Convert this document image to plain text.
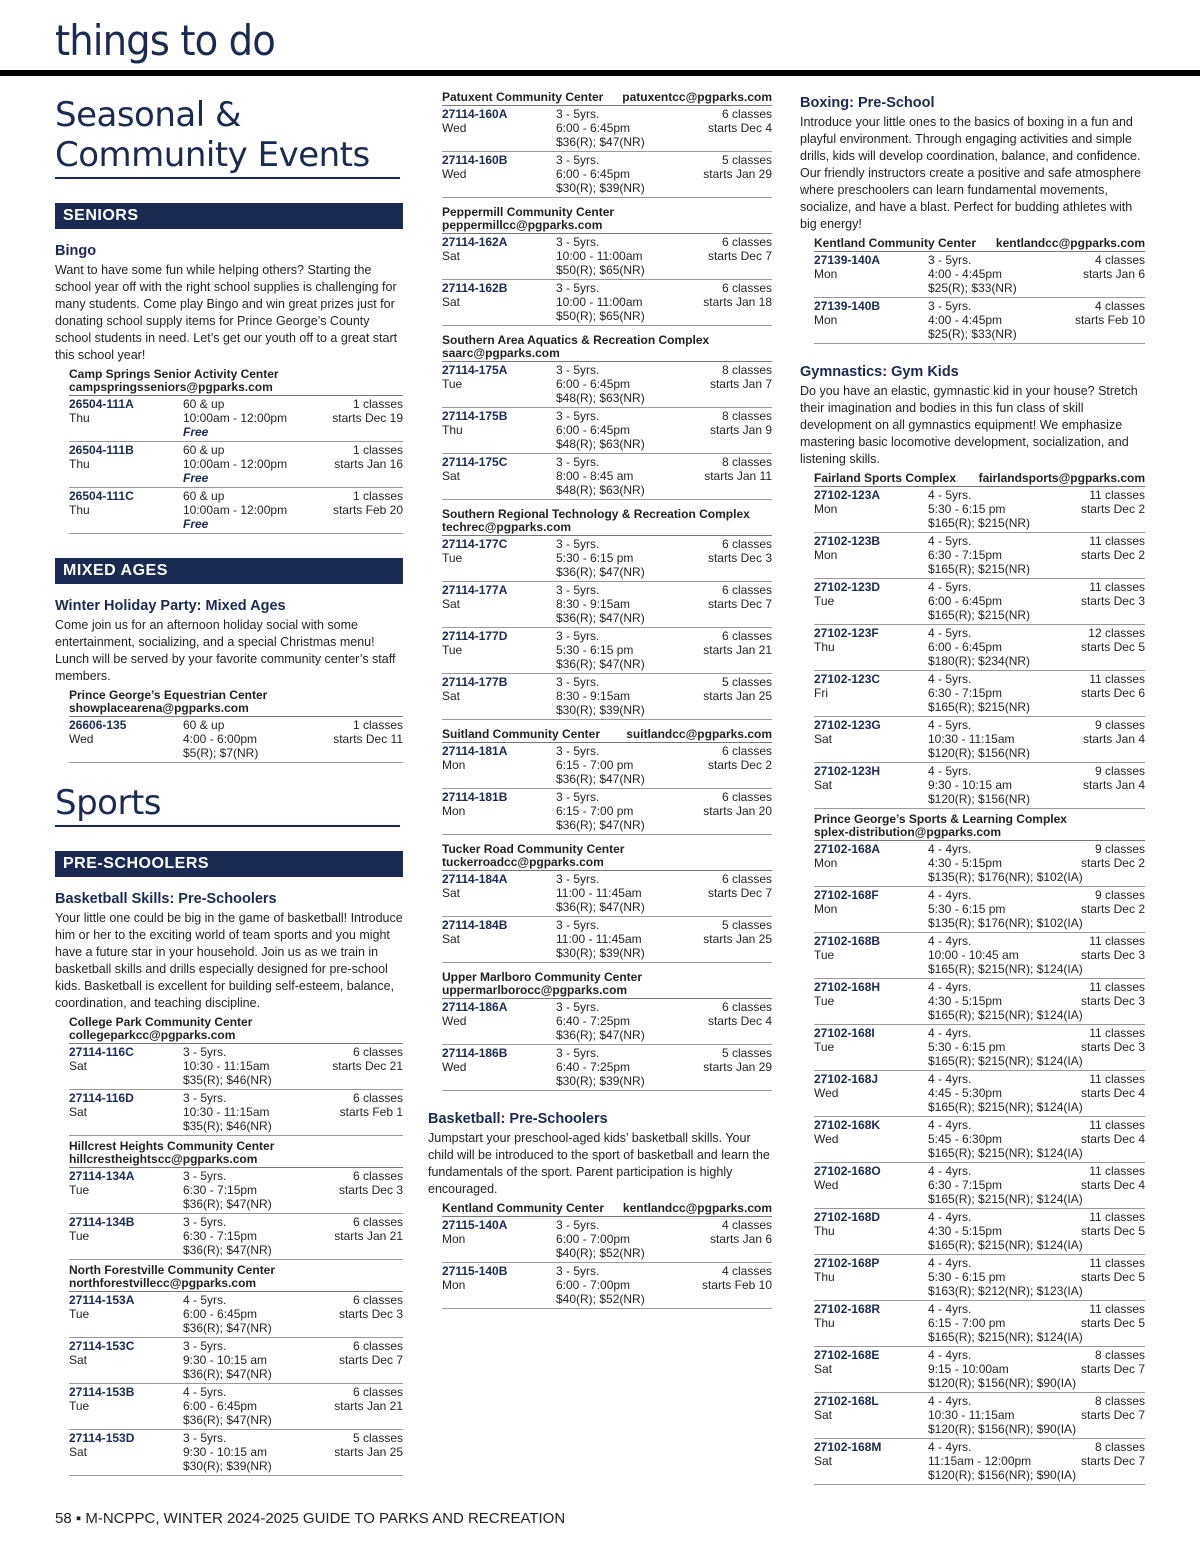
things to do
Seasonal &
Community Events
SENIORS
Bingo
Want to have some fun while helping others? Starting the school year off with the right school supplies is challenging for many students. Come play Bingo and win great prizes just for donating school supply items for Prince George’s County school students in need. Let’s get our youth off to a great start this school year!
Camp Springs Senior Activity Center
campspringsseniors@pgparks.com
26504-111A	60 & up	1 classes
Thu	10:00am - 12:00pm	starts Dec 19
Free
26504-111B	60 & up	1 classes
Thu	10:00am - 12:00pm	starts Jan 16
Free
26504-111C	60 & up	1 classes
Thu	10:00am - 12:00pm	starts Feb 20
Free
MIXED AGES
Winter Holiday Party: Mixed Ages
Come join us for an afternoon holiday social with some entertainment, socializing, and a special Christmas menu! Lunch will be served by your favorite community center’s staff members.
Prince George’s Equestrian Center
showplacearena@pgparks.com
26606-135	60 & up	1 classes
Wed	4:00 - 6:00pm	starts Dec 11
$5(R); $7(NR)
Sports
PRE-SCHOOLERS
Basketball Skills: Pre-Schoolers
Your little one could be big in the game of basketball! Introduce him or her to the exciting world of team sports and you might have a future star in your household. Join us as we train in basketball skills and drills especially designed for pre-school kids. Basketball is excellent for building self-esteem, balance, coordination, and teaching discipline.
College Park Community Center
collegeparkcc@pgparks.com
27114-116C	3 - 5yrs.	6 classes
Sat	10:30 - 11:15am	starts Dec 21
$35(R); $46(NR)
27114-116D	3 - 5yrs.	6 classes
Sat	10:30 - 11:15am	starts Feb 1
$35(R); $46(NR)
Hillcrest Heights Community Center
hillcrestheightscc@pgparks.com
27114-134A	3 - 5yrs.	6 classes
Tue	6:30 - 7:15pm	starts Dec 3
$36(R); $47(NR)
27114-134B	3 - 5yrs.	6 classes
Tue	6:30 - 7:15pm	starts Jan 21
$36(R); $47(NR)
North Forestville Community Center
northforestvillecc@pgparks.com
27114-153A	4 - 5yrs.	6 classes
Tue	6:00 - 6:45pm	starts Dec 3
$36(R); $47(NR)
27114-153C	3 - 5yrs.	6 classes
Sat	9:30 - 10:15 am	starts Dec 7
$36(R); $47(NR)
27114-153B	4 - 5yrs.	6 classes
Tue	6:00 - 6:45pm	starts Jan 21
$36(R); $47(NR)
27114-153D	3 - 5yrs.	5 classes
Sat	9:30 - 10:15 am	starts Jan 25
$30(R); $39(NR)
Patuxent Community Center patuxentcc@pgparks.com
27114-160A	3 - 5yrs.	6 classes
Wed	6:00 - 6:45pm	starts Dec 4
$36(R); $47(NR)
27114-160B	3 - 5yrs.	5 classes
Wed	6:00 - 6:45pm	starts Jan 29
$30(R); $39(NR)
Peppermill Community Center
peppermillcc@pgparks.com
27114-162A	3 - 5yrs.	6 classes
Sat	10:00 - 11:00am	starts Dec 7
$50(R); $65(NR)
27114-162B	3 - 5yrs.	6 classes
Sat	10:00 - 11:00am	starts Jan 18
$50(R); $65(NR)
Southern Area Aquatics & Recreation Complex
saarc@pgparks.com
27114-175A	3 - 5yrs.	8 classes
Tue	6:00 - 6:45pm	starts Jan 7
$48(R); $63(NR)
27114-175B	3 - 5yrs.	8 classes
Thu	6:00 - 6:45pm	starts Jan 9
$48(R); $63(NR)
27114-175C	3 - 5yrs.	8 classes
Sat	8:00 - 8:45 am	starts Jan 11
$48(R); $63(NR)
Southern Regional Technology & Recreation Complex
techrec@pgparks.com
27114-177C	3 - 5yrs.	6 classes
Tue	5:30 - 6:15 pm	starts Dec 3
$36(R); $47(NR)
27114-177A	3 - 5yrs.	6 classes
Sat	8:30 - 9:15am	starts Dec 7
$36(R); $47(NR)
27114-177D	3 - 5yrs.	6 classes
Tue	5:30 - 6:15 pm	starts Jan 21
$36(R); $47(NR)
27114-177B	3 - 5yrs.	5 classes
Sat	8:30 - 9:15am	starts Jan 25
$30(R); $39(NR)
Suitland Community Center suitlandcc@pgparks.com
27114-181A	3 - 5yrs.	6 classes
Mon	6:15 - 7:00 pm	starts Dec 2
$36(R); $47(NR)
27114-181B	3 - 5yrs.	6 classes
Mon	6:15 - 7:00 pm	starts Jan 20
$36(R); $47(NR)
Tucker Road Community Center
tuckerroadcc@pgparks.com
27114-184A	3 - 5yrs.	6 classes
Sat	11:00 - 11:45am	starts Dec 7
$36(R); $47(NR)
27114-184B	3 - 5yrs.	5 classes
Sat	11:00 - 11:45am	starts Jan 25
$30(R); $39(NR)
Upper Marlboro Community Center
uppermarlborocc@pgparks.com
27114-186A	3 - 5yrs.	6 classes
Wed	6:40 - 7:25pm	starts Dec 4
$36(R); $47(NR)
27114-186B	3 - 5yrs.	5 classes
Wed	6:40 - 7:25pm	starts Jan 29
$30(R); $39(NR)
Basketball: Pre-Schoolers
Jumpstart your preschool-aged kids’ basketball skills. Your child will be introduced to the sport of basketball and learn the fundamentals of the sport. Parent participation is highly encouraged.
Kentland Community Center kentlandcc@pgparks.com
27115-140A	3 - 5yrs.	4 classes
Mon	6:00 - 7:00pm	starts Jan 6
$40(R); $52(NR)
27115-140B	3 - 5yrs.	4 classes
Mon	6:00 - 7:00pm	starts Feb 10
$40(R); $52(NR)
Boxing: Pre-School
Introduce your little ones to the basics of boxing in a fun and playful environment. Through engaging activities and simple drills, kids will develop coordination, balance, and confidence. Our friendly instructors create a positive and safe atmosphere where preschoolers can learn fundamental movements, socialize, and have a blast. Perfect for budding athletes with big energy!
Kentland Community Center kentlandcc@pgparks.com
27139-140A	3 - 5yrs.	4 classes
Mon	4:00 - 4:45pm	starts Jan 6
$25(R); $33(NR)
27139-140B	3 - 5yrs.	4 classes
Mon	4:00 - 4:45pm	starts Feb 10
$25(R); $33(NR)
Gymnastics: Gym Kids
Do you have an elastic, gymnastic kid in your house? Stretch their imagination and bodies in this fun class of skill development on all gymnastics equipment! We emphasize mastering basic locomotive development, socialization, and listening skills.
Fairland Sports Complex fairlandsports@pgparks.com
27102-123A	4 - 5yrs.	11 classes
Mon	5:30 - 6:15 pm	starts Dec 2
$165(R); $215(NR)
27102-123B	4 - 5yrs.	11 classes
Mon	6:30 - 7:15pm	starts Dec 2
$165(R); $215(NR)
27102-123D	4 - 5yrs.	11 classes
Tue	6:00 - 6:45pm	starts Dec 3
$165(R); $215(NR)
27102-123F	4 - 5yrs.	12 classes
Thu	6:00 - 6:45pm	starts Dec 5
$180(R); $234(NR)
27102-123C	4 - 5yrs.	11 classes
Fri	6:30 - 7:15pm	starts Dec 6
$165(R); $215(NR)
27102-123G	4 - 5yrs.	9 classes
Sat	10:30 - 11:15am	starts Jan 4
$120(R); $156(NR)
27102-123H	4 - 5yrs.	9 classes
Sat	9:30 - 10:15 am	starts Jan 4
$120(R); $156(NR)
Prince George’s Sports & Learning Complex
splex-distribution@pgparks.com
27102-168A	4 - 4yrs.	9 classes
Mon	4:30 - 5:15pm	starts Dec 2
$135(R); $176(NR); $102(IA)
27102-168F	4 - 4yrs.	9 classes
Mon	5:30 - 6:15 pm	starts Dec 2
$135(R); $176(NR); $102(IA)
27102-168B	4 - 4yrs.	11 classes
Tue	10:00 - 10:45 am	starts Dec 3
$165(R); $215(NR); $124(IA)
27102-168H	4 - 4yrs.	11 classes
Tue	4:30 - 5:15pm	starts Dec 3
$165(R); $215(NR); $124(IA)
27102-168I	4 - 4yrs.	11 classes
Tue	5:30 - 6:15 pm	starts Dec 3
$165(R); $215(NR); $124(IA)
27102-168J	4 - 4yrs.	11 classes
Wed	4:45 - 5:30pm	starts Dec 4
$165(R); $215(NR); $124(IA)
27102-168K	4 - 4yrs.	11 classes
Wed	5:45 - 6:30pm	starts Dec 4
$165(R); $215(NR); $124(IA)
27102-168O	4 - 4yrs.	11 classes
Wed	6:30 - 7:15pm	starts Dec 4
$165(R); $215(NR); $124(IA)
27102-168D	4 - 4yrs.	11 classes
Thu	4:30 - 5:15pm	starts Dec 5
$165(R); $215(NR); $124(IA)
27102-168P	4 - 4yrs.	11 classes
Thu	5:30 - 6:15 pm	starts Dec 5
$163(R); $212(NR); $123(IA)
27102-168R	4 - 4yrs.	11 classes
Thu	6:15 - 7:00 pm	starts Dec 5
$165(R); $215(NR); $124(IA)
27102-168E	4 - 4yrs.	8 classes
Sat	9:15 - 10:00am	starts Dec 7
$120(R); $156(NR); $90(IA)
27102-168L	4 - 4yrs.	8 classes
Sat	10:30 - 11:15am	starts Dec 7
$120(R); $156(NR); $90(IA)
27102-168M	4 - 4yrs.	8 classes
Sat	11:15am - 12:00pm	starts Dec 7
$120(R); $156(NR); $90(IA)
58 ▪ M-NCPPC, WINTER 2024-2025 GUIDE TO PARKS AND RECREATION
